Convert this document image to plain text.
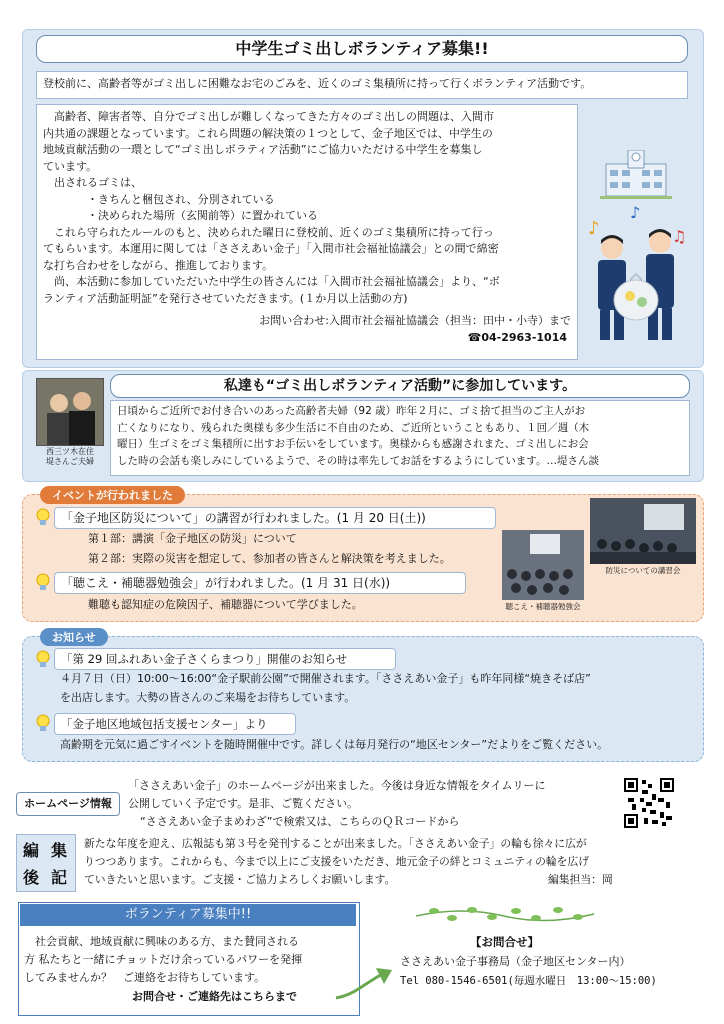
中学生ゴミ出しボランティア募集!!

登校前に、高齢者等がゴミ出しに困難なお宅のごみを、近くのゴミ集積所に持って行くボランティア活動です。

　高齢者、障害者等、自分でゴミ出しが難しくなってきた方々のゴミ出しの問題は、入間市

内共通の課題となっています。これら問題の解決策の１つとして、金子地区では、中学生の

地域貢献活動の一環として“ゴミ出しボラティア活動”にご協力いただける中学生を募集し

ています。

　出されるゴミは、

　　　　・きちんと梱包され、分別されている

　　　　・決められた場所（玄関前等）に置かれている

　これら守られたルールのもと、決められた曜日に登校前、近くのゴミ集積所に持って行っ

てもらいます。本運用に関しては「ささえあい金子」「入間市社会福祉協議会」との間で綿密

な打ち合わせをしながら、推進しております。

　尚、本活動に参加していただいた中学生の皆さんには「入間市社会福祉協議会」より、“ボ

ランティア活動証明証”を発行させていただきます。(１か月以上活動の方)

お問い合わせ:入間市社会福祉協議会（担当：田中・小寺）まで

☎04-2963-1014

♪
♪
♫

西三ツ木在住

堤さんご夫婦

私達も“ゴミ出しボランティア活動”に参加しています。

日頃からご近所でお付き合いのあった高齢者夫婦（92 歳）昨年２月に、ゴミ捨て担当のご主人がお

亡くなりになり、残られた奥様も多少生活に不自由のため、ご近所ということもあり、１回／週（木

曜日）生ゴミをゴミ集積所に出すお手伝いをしています。奥様からも感謝されまた、ゴミ出しにお会

した時の会話も楽しみにしているようで、その時は率先してお話をするようにしています。…堤さん談

イベントが行われました

「金子地区防災について」の講習が行われました。(1 月 20 日(土))

第１部：講演「金子地区の防災」について

第２部：実際の災害を想定して、参加者の皆さんと解決策を考えました。

「聴こえ・補聴器勉強会」が行われました。(1 月 31 日(水))

難聴も認知症の危険因子、補聴器について学びました。

防災についての講習会

聴こえ・補聴器勉強会

お知らせ

「第 29 回ふれあい金子さくらまつり」開催のお知らせ

４月７日（日）10:00～16:00“金子駅前公園”で開催されます。「ささえあい金子」も昨年同様“焼きそば店”

を出店します。大勢の皆さんのご来場をお待ちしています。

「金子地区地域包括支援センター」より

高齢期を元気に過ごすイベントを随時開催中です。詳しくは毎月発行の“地区センター”だよりをご覧ください。

ホームページ情報

「ささえあい金子」のホームページが出来ました。今後は身近な情報をタイムリーに

公開していく予定です。是非、ご覧ください。

“ささえあい金子まめわざ”で検索又は、こちらのＱＲコードから

編 集
後 記

新たな年度を迎え、広報誌も第３号を発刊することが出来ました。「ささえあい金子」の輪も徐々に広が

りつつあります。これからも、今まで以上にご支援をいただき、地元金子の絆とコミュニティの輪を広げ

ていきたいと思います。ご支援・ご協力よろしくお願いします。	編集担当：岡

ボランティア募集中!!

　社会貢献、地域貢献に興味のある方、また賛同される

方 私たちと一緒にチョットだけ余っているパワーを発揮

してみませんか？　ご連絡をお待ちしています。

お問合せ・ご連絡先はこちらまで

【お問合せ】

ささえあい金子事務局（金子地区センター内）

Tel 080-1546-6501(毎週水曜日　13:00～15:00)
